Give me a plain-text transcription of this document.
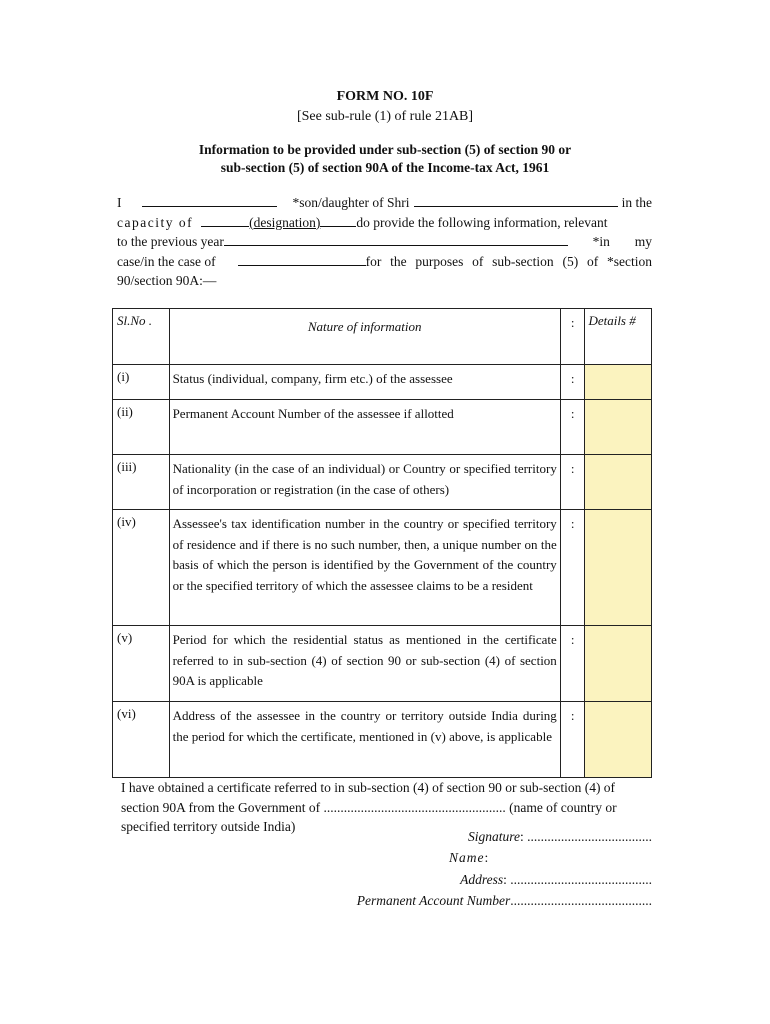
FORM NO. 10F
[See sub-rule (1) of rule 21AB]
Information to be provided under sub-section (5) of section 90 or
sub-section (5) of section 90A of the Income-tax Act, 1961
I	*son/daughter of Shri	in the
capacity of	(designation)	do provide the following information, relevant
to the previous year	*in my
case/in the case of	for the purposes of sub-section (5) of *section
90/section 90A:—
Sl.No .	Nature of information	:	Details #
(i)	Status (individual, company, firm etc.) of the assessee	:	
(ii)	Permanent Account Number of the assessee if allotted	:	
(iii)	Nationality (in the case of an individual) or Country or specified territory of incorporation or registration (in the case of others)	:	
(iv)	Assessee's tax identification number in the country or specified territory of residence and if there is no such number, then, a unique number on the basis of which the person is identified by the Government of the country or the specified territory of which the assessee claims to be a resident	:	
(v)	Period for which the residential status as mentioned in the certificate referred to in sub-section (4) of section 90 or sub-section (4) of section 90A is applicable	:	
(vi)	Address of the assessee in the country or territory outside India during the period for which the certificate, mentioned in (v) above, is applicable	:	
I have obtained a certificate referred to in sub-section (4) of section 90 or sub-section (4) of section 90A from the Government of ...................................................... (name of country or specified territory outside India)
Signature: .....................................
Name:
Address: ..........................................
Permanent Account Number..........................................
